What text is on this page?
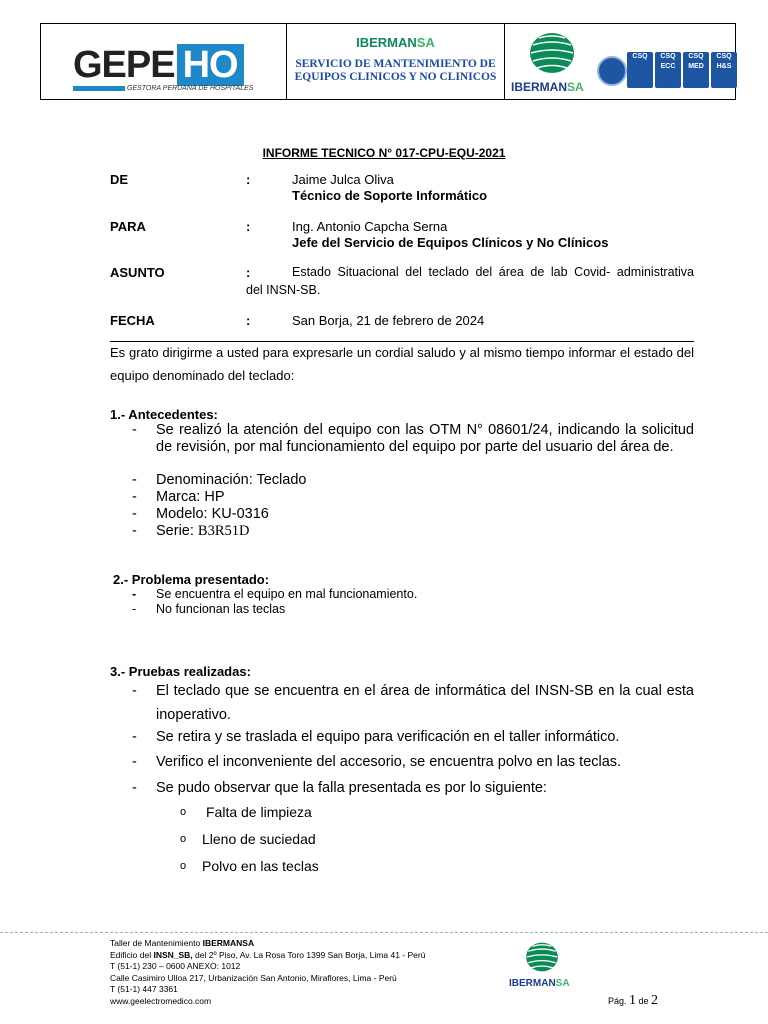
GEPE HO
GESTORA PERUANA DE HOSPITALES
IBERMANSA
SERVICIO DE MANTENIMIENTO DE EQUIPOS CLINICOS Y NO CLINICOS
IBERMANSA
CSQ	CSQ ECC
CSQ MED
CSQ H&S
INFORME TECNICO N° 017-CPU-EQU-2021
DE	:	Jaime Julca Oliva
Técnico de Soporte Informático
PARA	:	Ing. Antonio Capcha Serna
Jefe del Servicio de Equipos Clínicos y No Clínicos
ASUNTO	:	Estado Situacional del teclado del área de lab Covid- administrativa
del INSN-SB.
FECHA	:	San Borja, 21 de febrero de 2024
Es grato dirigirme a usted para expresarle un cordial saludo y al mismo tiempo informar el estado del equipo denominado del teclado:
1.- Antecedentes:
-	Se realizó la atención del equipo con las OTM N° 08601/24, indicando la solicitud de revisión, por mal funcionamiento del equipo por parte del usuario del área de.
-	Denominación: Teclado
-	Marca: HP
-	Modelo: KU-0316
-	Serie: B3R51D
2.- Problema presentado:
-	Se encuentra el equipo en mal funcionamiento.
-	No funcionan las teclas
3.- Pruebas realizadas:
-	El teclado que se encuentra en el área de informática del INSN-SB en la cual esta inoperativo.
-	Se retira y se traslada el equipo para verificación en el taller informático.
-	Verifico el inconveniente del accesorio, se encuentra polvo en las teclas.
-	Se pudo observar que la falla presentada es por lo siguiente:
o	Falta de limpieza
o	Lleno de suciedad
o	Polvo en las teclas
Taller de Mantenimiento IBERMANSA
Edificio del INSN_SB, del 2º Piso, Av. La Rosa Toro 1399 San Borja, Lima 41 - Perú
T (51-1) 230 – 0600 ANEXO: 1012
Calle Casimiro Ulloa 217, Urbanización San Antonio, Miraflores, Lima - Perú
T (51-1) 447 3361
www.geelectromedico.com
IBERMANSA
Pág. 1 de 2
